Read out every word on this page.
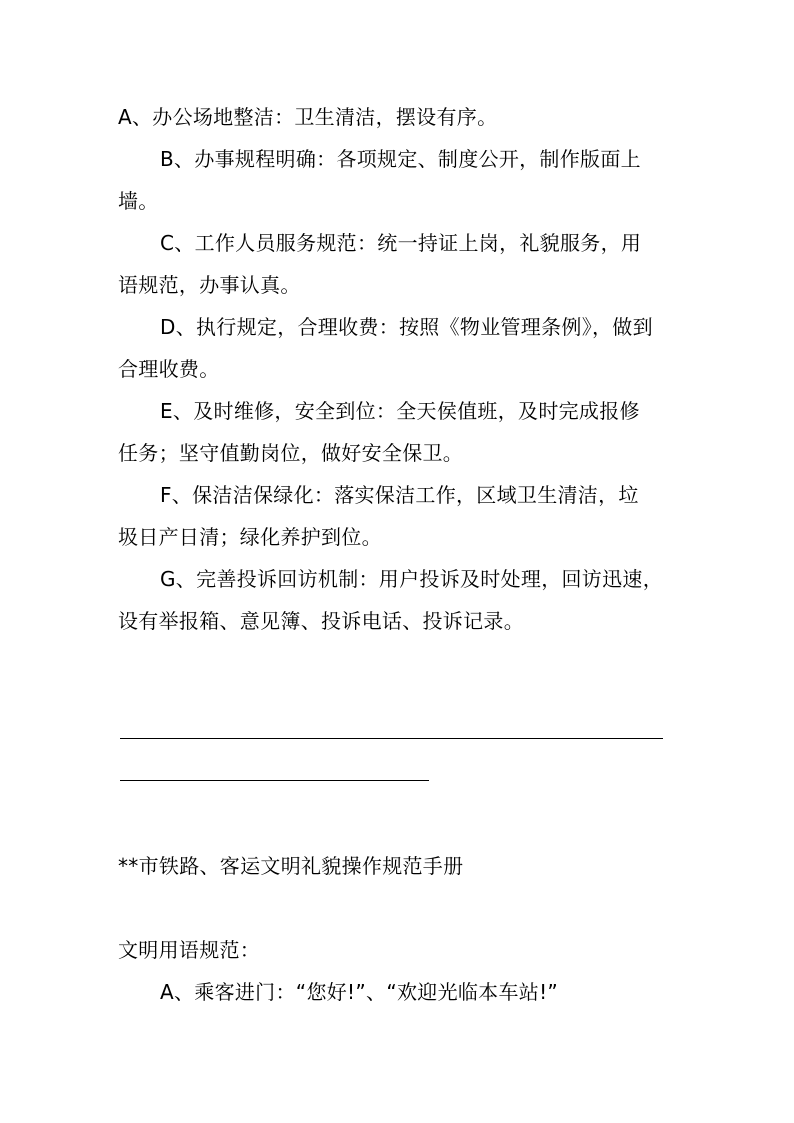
A、办公场地整洁：卫生清洁，摆设有序。
B、办事规程明确：各项规定、制度公开，制作版面上
墙。
C、工作人员服务规范：统一持证上岗，礼貌服务，用
语规范，办事认真。
D、执行规定，合理收费：按照《物业管理条例》，做到
合理收费。
E、及时维修，安全到位：全天侯值班，及时完成报修
任务；坚守值勤岗位，做好安全保卫。
F、保洁洁保绿化：落实保洁工作，区域卫生清洁，垃
圾日产日清；绿化养护到位。
G、完善投诉回访机制：用户投诉及时处理，回访迅速，
设有举报箱、意见簿、投诉电话、投诉记录。
**市铁路、客运文明礼貌操作规范手册
文明用语规范：
A、乘客进门：“您好!”、“欢迎光临本车站!”
